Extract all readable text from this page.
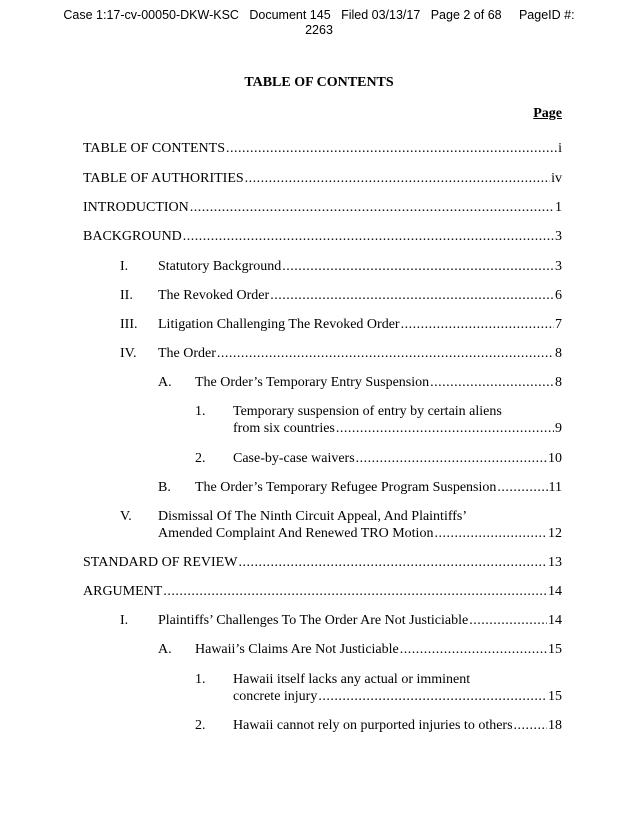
Case 1:17-cv-00050-DKW-KSC   Document 145   Filed 03/13/17   Page 2 of 68     PageID #:
2263
TABLE OF CONTENTS
Page
TABLE OF CONTENTS .....	i
TABLE OF AUTHORITIES .....	iv
INTRODUCTION .....	1
BACKGROUND .....	3
I.	Statutory Background .....	3
II.	The Revoked Order .....	6
III.	Litigation Challenging The Revoked Order .....	7
IV.	The Order .....	8
A.	The Order’s Temporary Entry Suspension .....	8
1.	Temporary suspension of entry by certain aliens
from six countries .....	9
2.	Case-by-case waivers .....	10
B.	The Order’s Temporary Refugee Program Suspension .....	11
V.	Dismissal Of The Ninth Circuit Appeal, And Plaintiffs’
Amended Complaint And Renewed TRO Motion .....	12
STANDARD OF REVIEW .....	13
ARGUMENT .....	14
I.	Plaintiffs’ Challenges To The Order Are Not Justiciable .....	14
A.	Hawaii’s Claims Are Not Justiciable .....	15
1.	Hawaii itself lacks any actual or imminent
concrete injury .....	15
2.	Hawaii cannot rely on purported injuries to others .....	18
